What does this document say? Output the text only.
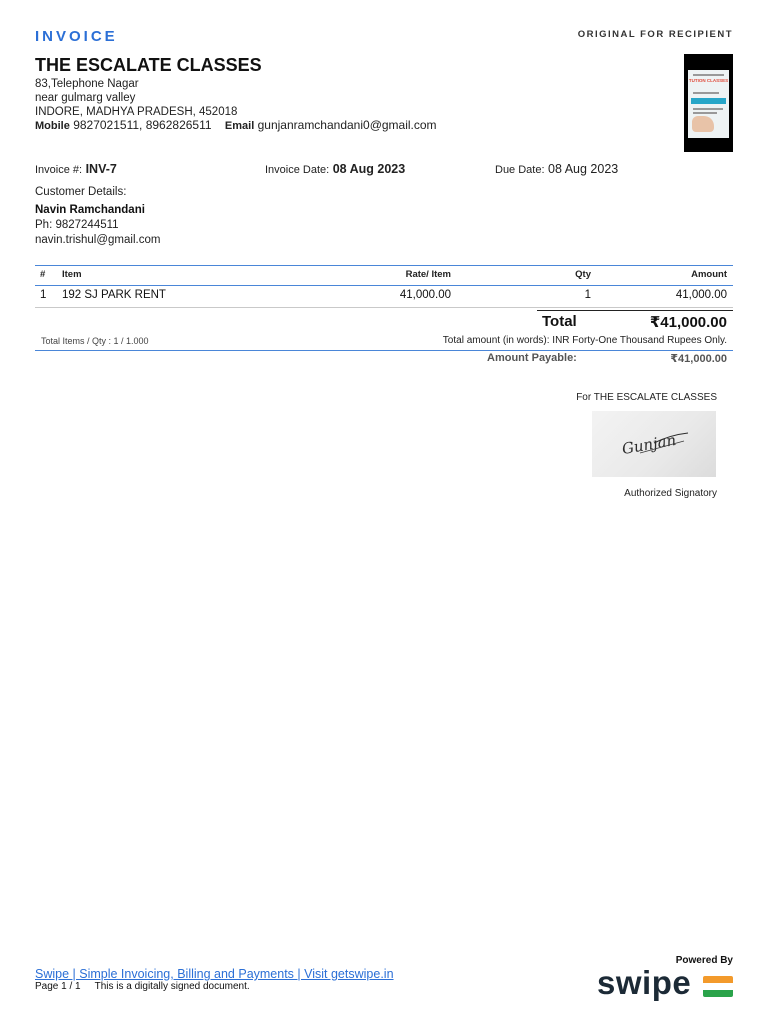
INVOICE	ORIGINAL FOR RECIPIENT
THE ESCALATE CLASSES
83,Telephone Nagar
near gulmarg valley
INDORE, MADHYA PRADESH, 452018
Mobile 9827021511, 8962826511 Email gunjanramchandani0@gmail.com
TUTION CLASSES
Invoice #: INV-7	Invoice Date: 08 Aug 2023	Due Date: 08 Aug 2023
Customer Details:
Navin Ramchandani
Ph: 9827244511
navin.trishul@gmail.com
# Item	Rate/ Item	Qty	Amount
1 192 SJ PARK RENT	41,000.00	1	41,000.00
Total	₹41,000.00
Total Items / Qty : 1 / 1.000	Total amount (in words): INR Forty-One Thousand Rupees Only.
Amount Payable:	₹41,000.00
For THE ESCALATE CLASSES
Gunjan
Authorized Signatory
Swipe | Simple Invoicing, Billing and Payments | Visit getswipe.in
Page 1 / 1 This is a digitally signed document.
Powered By
swipe
